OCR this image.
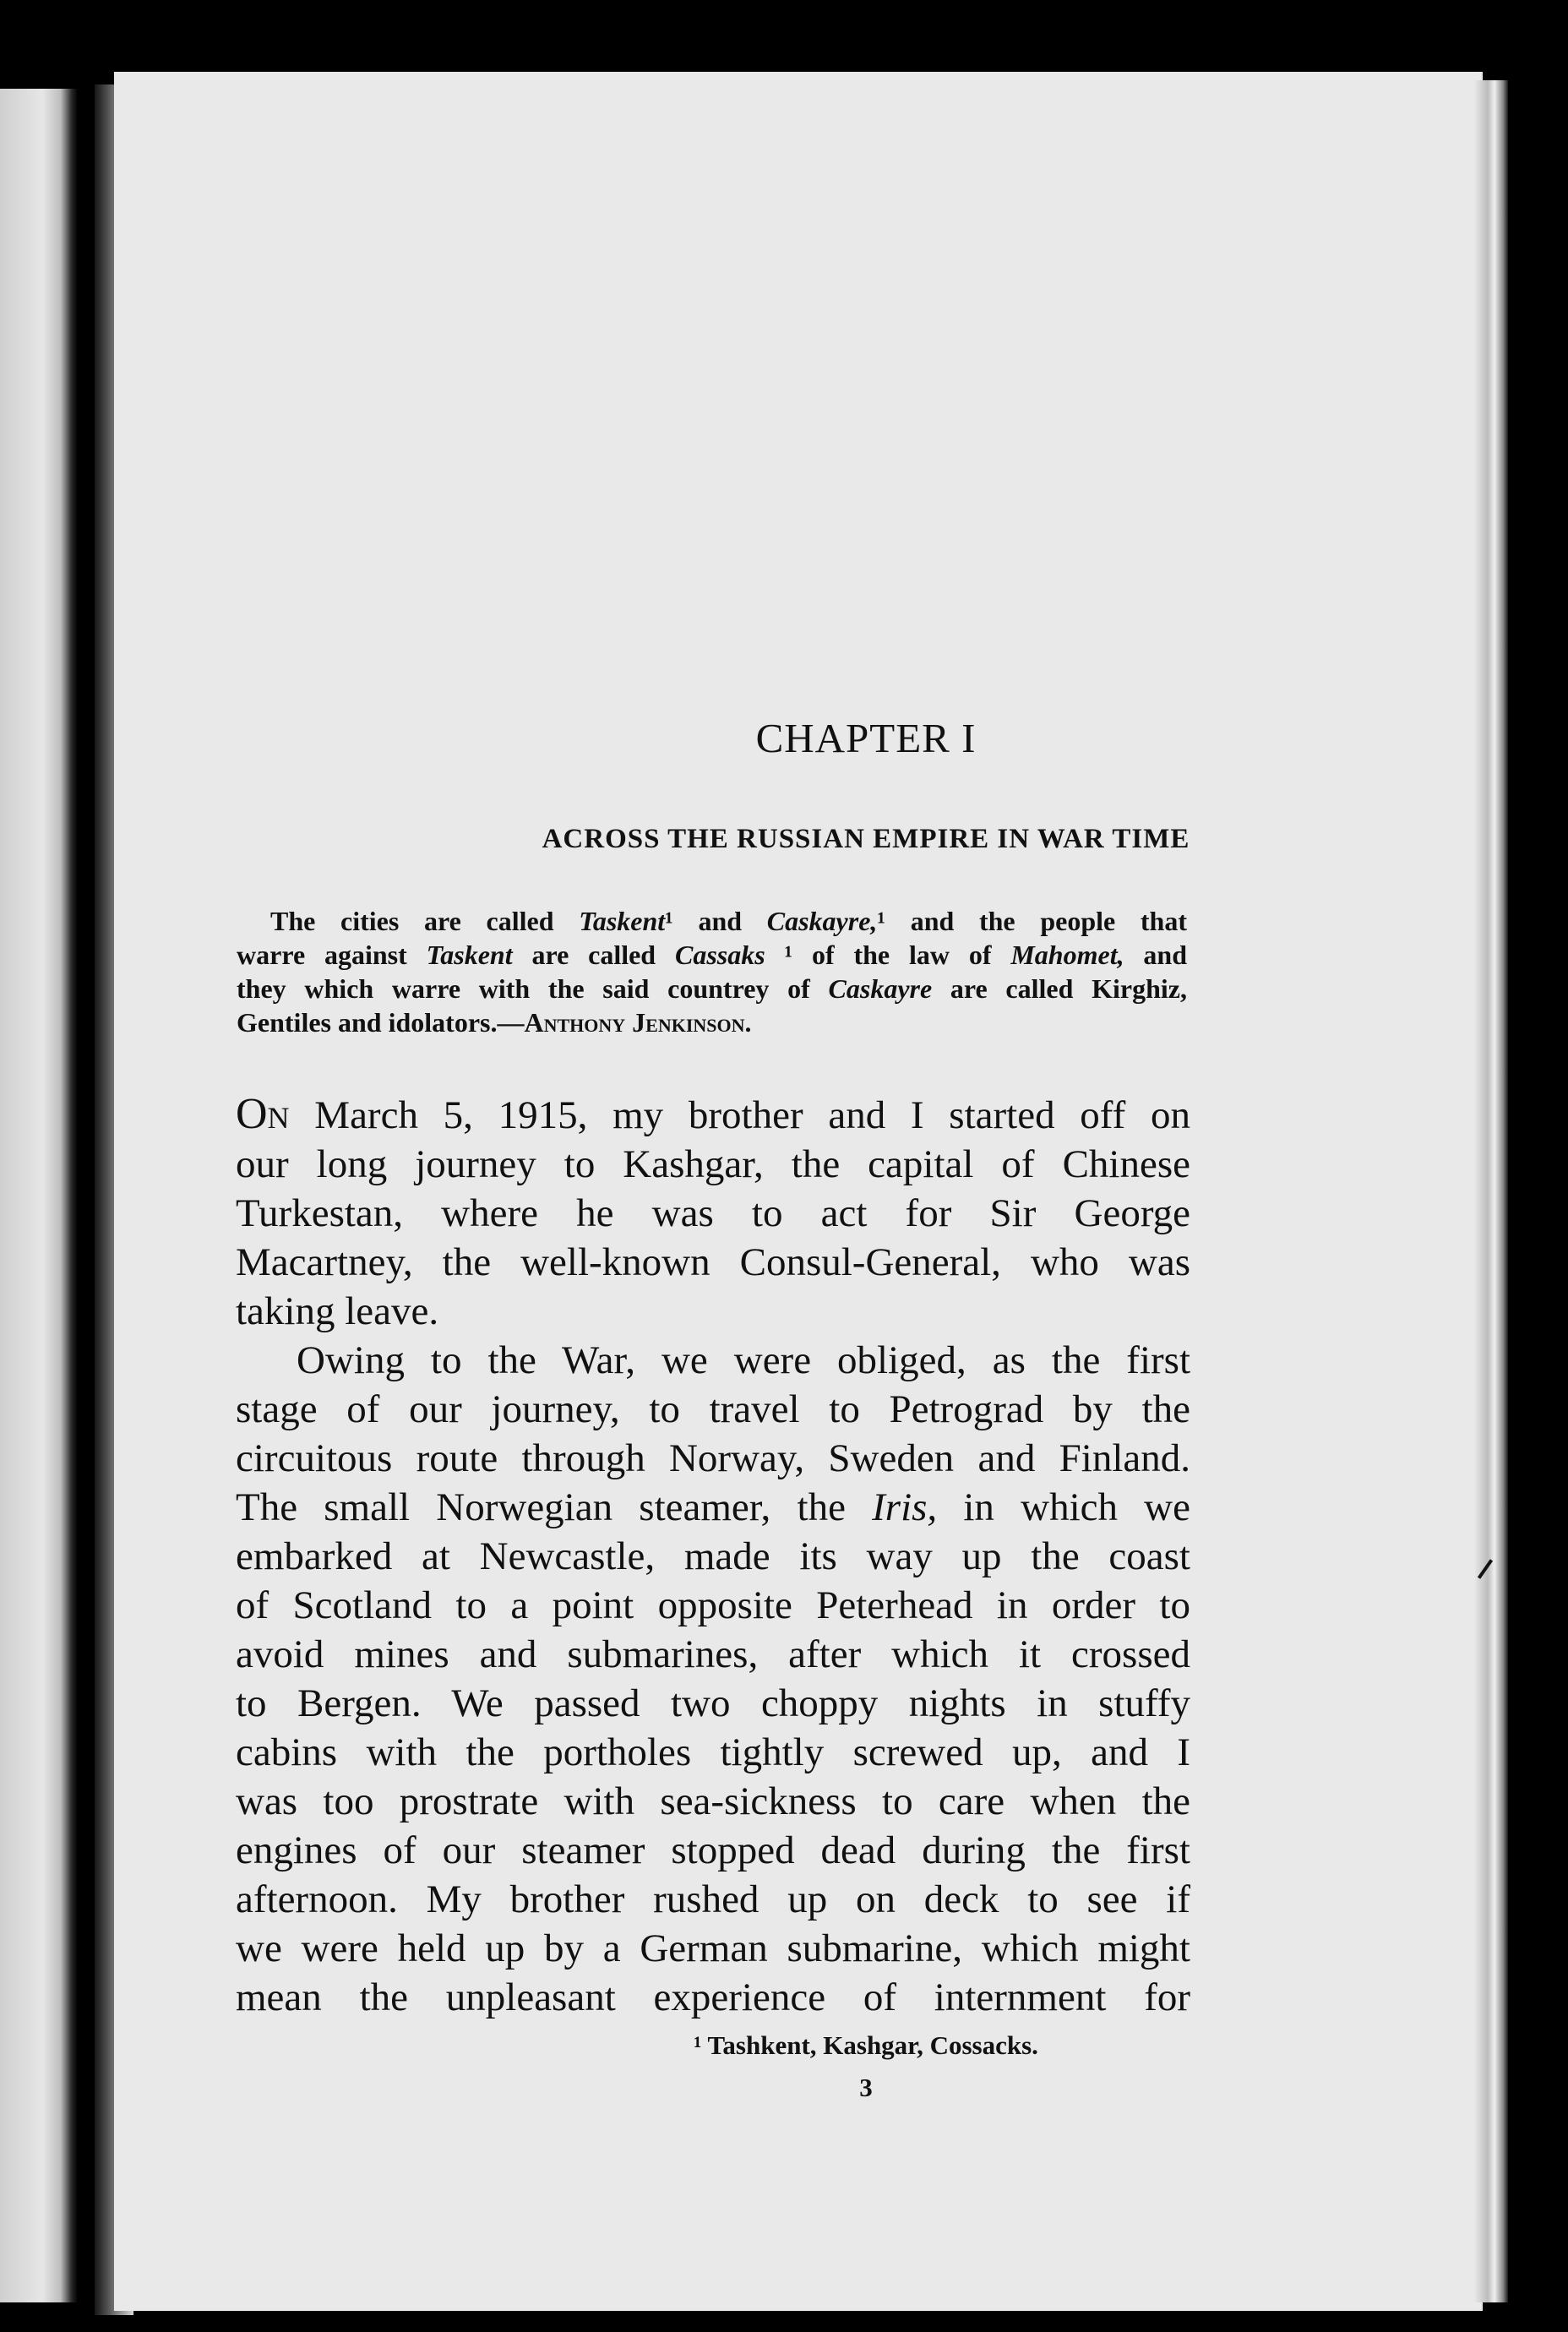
CHAPTER I
ACROSS THE RUSSIAN EMPIRE IN WAR TIME
The cities are called Taskent¹ and Caskayre,¹ and the people that
warre against Taskent are called Cassaks ¹ of the law of Mahomet, and
they which warre with the said countrey of Caskayre are called Kirghiz,
Gentiles and idolators.—Anthony Jenkinson.
On March 5, 1915, my brother and I started off on
our long journey to Kashgar, the capital of Chinese
Turkestan, where he was to act for Sir George
Macartney, the well-known Consul-General, who was
taking leave.
Owing to the War, we were obliged, as the first
stage of our journey, to travel to Petrograd by the
circuitous route through Norway, Sweden and Finland.
The small Norwegian steamer, the Iris, in which we
embarked at Newcastle, made its way up the coast
of Scotland to a point opposite Peterhead in order to
avoid mines and submarines, after which it crossed
to Bergen. We passed two choppy nights in stuffy
cabins with the portholes tightly screwed up, and I
was too prostrate with sea-sickness to care when the
engines of our steamer stopped dead during the first
afternoon. My brother rushed up on deck to see if
we were held up by a German submarine, which might
mean the unpleasant experience of internment for
¹ Tashkent, Kashgar, Cossacks.
3
